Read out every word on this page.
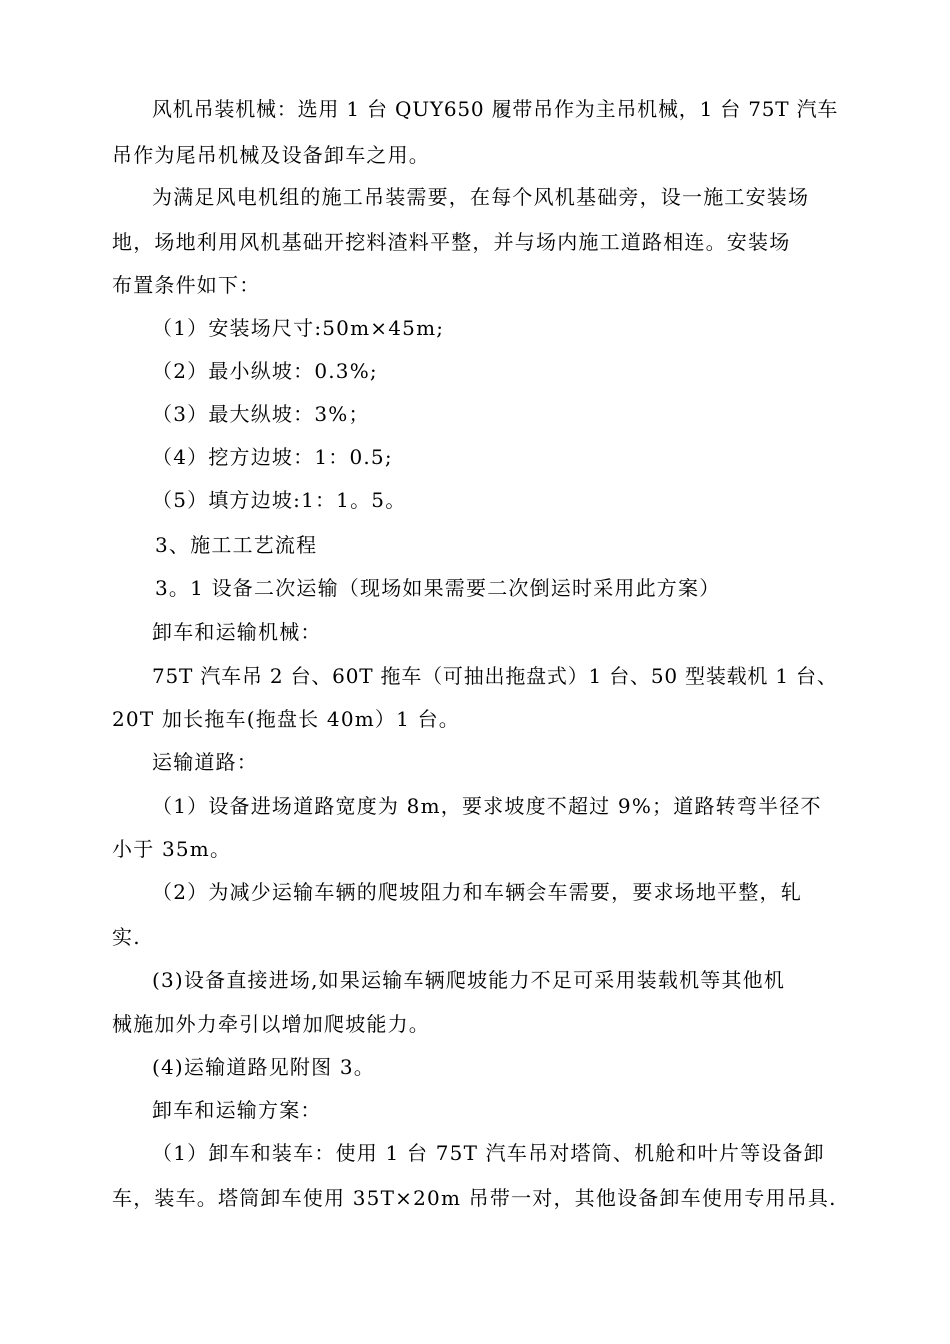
风机吊装机械：选用 1 台 QUY650 履带吊作为主吊机械，1 台 75T 汽车

吊作为尾吊机械及设备卸车之用。

为满足风电机组的施工吊装需要，在每个风机基础旁，设一施工安装场

地，场地利用风机基础开挖料渣料平整，并与场内施工道路相连。安装场

布置条件如下：

（1）安装场尺寸:50m×45m;

（2）最小纵坡：0.3%;

（3）最大纵坡：3%；

（4）挖方边坡：1：0.5;

（5）填方边坡:1：1。5。

3、施工工艺流程

3。1 设备二次运输（现场如果需要二次倒运时采用此方案）

卸车和运输机械：

75T 汽车吊 2 台、60T 拖车（可抽出拖盘式）1 台、50 型装载机 1 台、

20T 加长拖车(拖盘长 40m）1 台。

运输道路：

（1）设备进场道路宽度为 8m，要求坡度不超过 9%；道路转弯半径不

小于 35m。

（2）为减少运输车辆的爬坡阻力和车辆会车需要，要求场地平整，轧

实.

(3)设备直接进场,如果运输车辆爬坡能力不足可采用装载机等其他机

械施加外力牵引以增加爬坡能力。

(4)运输道路见附图 3。

卸车和运输方案：

（1）卸车和装车：使用 1 台 75T 汽车吊对塔筒、机舱和叶片等设备卸

车，装车。塔筒卸车使用 35T×20m 吊带一对，其他设备卸车使用专用吊具.
